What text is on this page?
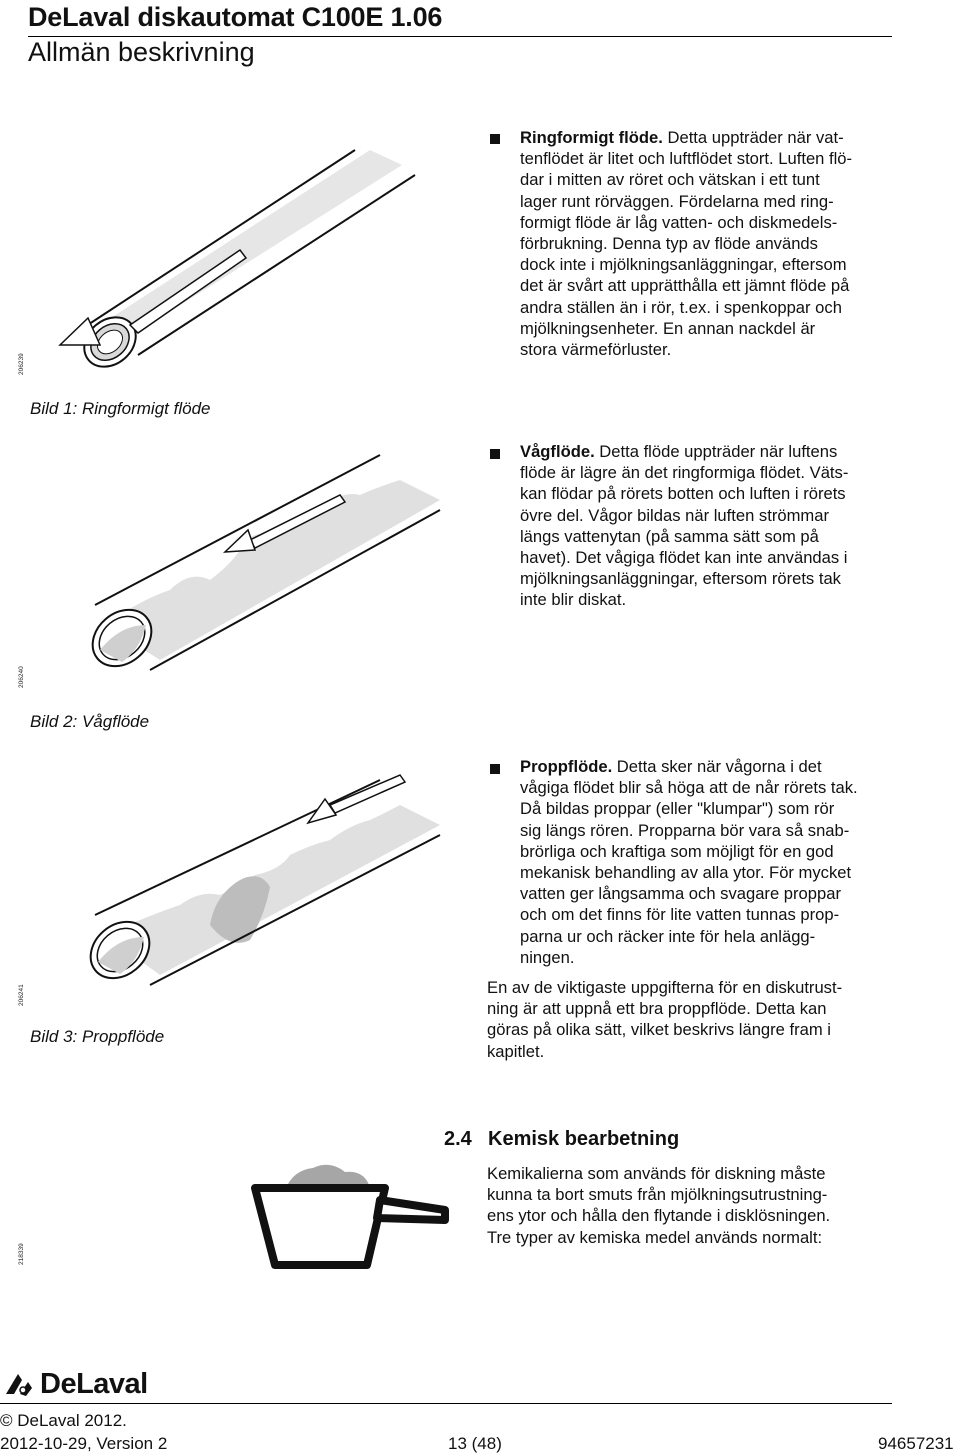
DeLaval diskautomat C100E 1.06
Allmän beskrivning
206239
Ringformigt flöde. Detta uppträder när vat-
tenflödet är litet och luftflödet stort. Luften flö-
dar i mitten av röret och vätskan i ett tunt
lager runt rörväggen. Fördelarna med ring-
formigt flöde är låg vatten- och diskmedels-
förbrukning. Denna typ av flöde används
dock inte i mjölkningsanläggningar, eftersom
det är svårt att upprätthålla ett jämnt flöde på
andra ställen än i rör, t.ex. i spenkoppar och
mjölkningsenheter. En annan nackdel är
stora värmeförluster.
Bild 1: Ringformigt flöde
206240
Vågflöde. Detta flöde uppträder när luftens
flöde är lägre än det ringformiga flödet. Väts-
kan flödar på rörets botten och luften i rörets
övre del. Vågor bildas när luften strömmar
längs vattenytan (på samma sätt som på
havet). Det vågiga flödet kan inte användas i
mjölkningsanläggningar, eftersom rörets tak
inte blir diskat.
Bild 2: Vågflöde
206241
Proppflöde. Detta sker när vågorna i det
vågiga flödet blir så höga att de når rörets tak.
Då bildas proppar (eller "klumpar") som rör
sig längs rören. Propparna bör vara så snab-
brörliga och kraftiga som möjligt för en god
mekanisk behandling av alla ytor. För mycket
vatten ger långsamma och svagare proppar
och om det finns för lite vatten tunnas prop-
parna ur och räcker inte för hela anlägg-
ningen.
Bild 3: Proppflöde
En av de viktigaste uppgifterna för en diskutrust-
ning är att uppnå ett bra proppflöde. Detta kan
göras på olika sätt, vilket beskrivs längre fram i
kapitlet.
2.4 Kemisk bearbetning
218339
Kemikalierna som används för diskning måste
kunna ta bort smuts från mjölkningsutrustning-
ens ytor och hålla den flytande i disklösningen.
Tre typer av kemiska medel används normalt:
DeLaval
© DeLaval 2012.
2012-10-29, Version 2	13 (48)	94657231
